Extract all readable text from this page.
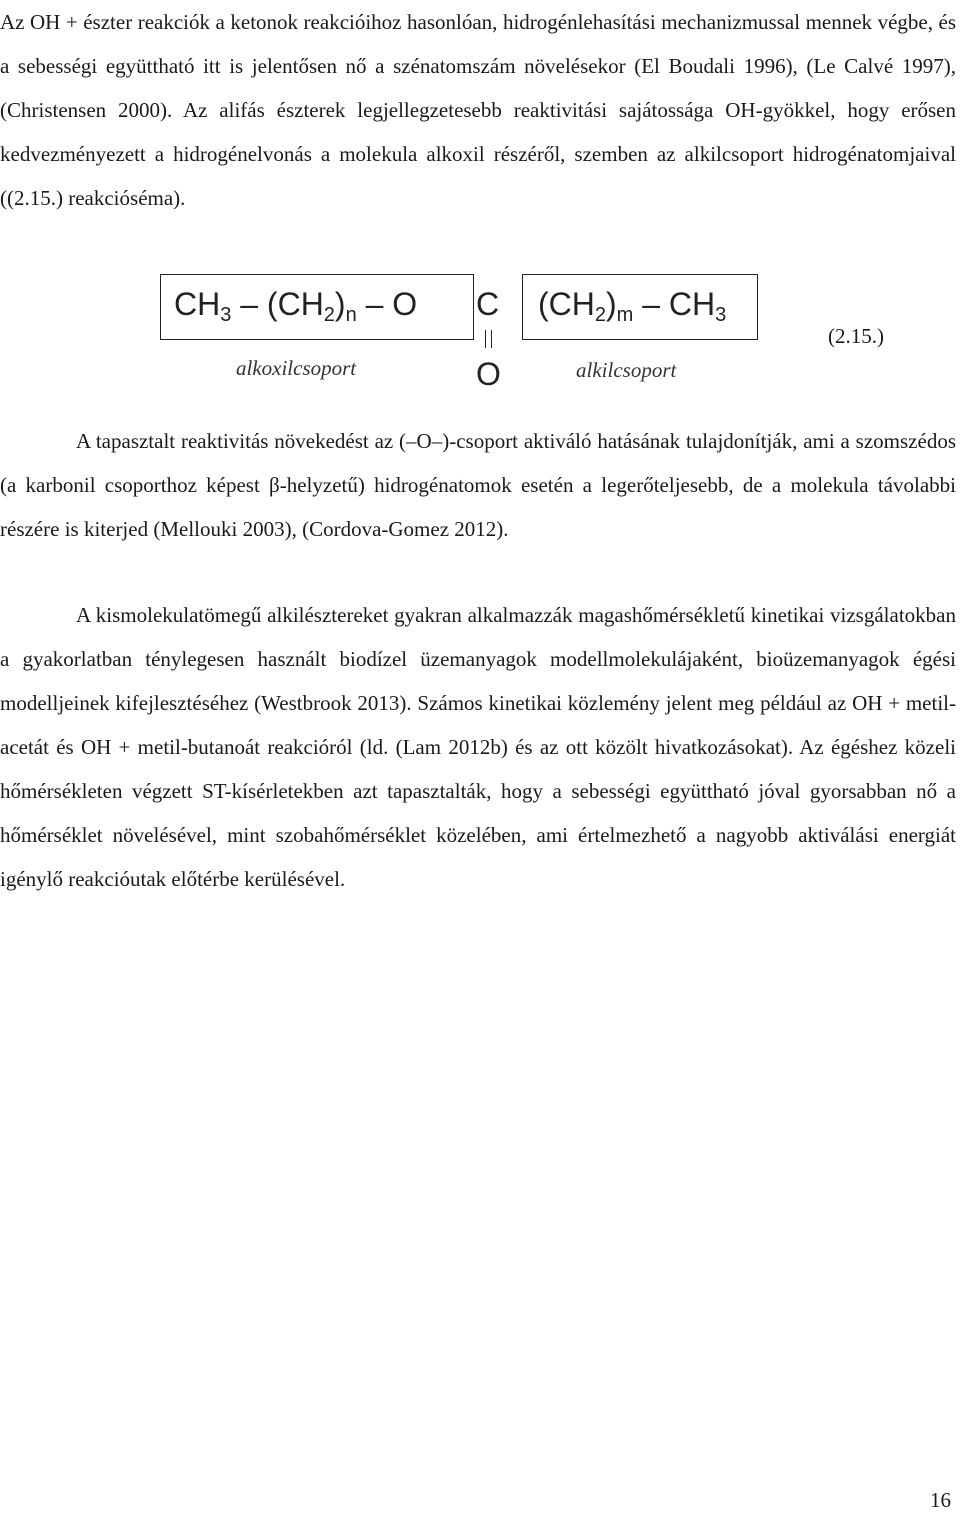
Az OH + észter reakciók a ketonok reakcióihoz hasonlóan, hidrogénlehasítási mechanizmussal mennek végbe, és a sebességi együttható itt is jelentősen nő a szénatomszám növelésekor (El Boudali 1996), (Le Calvé 1997), (Christensen 2000). Az alifás észterek legjellegzetesebb reaktivitási sajátossága OH-gyökkel, hogy erősen kedvezményezett a hidrogénelvonás a molekula alkoxil részéről, szemben az alkilcsoport hidrogénatomjaival ((2.15.) reakcióséma).

$CH_3 - (CH_2)_n$ – O C
O
$(CH_2)_m - CH_3$
alkoxilcsoport	alkilcsoport
(2.15.)

A tapasztalt reaktivitás növekedést az (–O–)-csoport aktiváló hatásának tulajdonítják, ami a szomszédos (a karbonil csoporthoz képest β-helyzetű) hidrogénatomok esetén a legerőteljesebb, de a molekula távolabbi részére is kiterjed (Mellouki 2003), (Cordova-Gomez 2012).

A kismolekulatömegű alkilésztereket gyakran alkalmazzák magashőmérsékletű kinetikai vizsgálatokban a gyakorlatban ténylegesen használt biodízel üzemanyagok modellmolekulájaként, bioüzemanyagok égési modelljeinek kifejlesztéséhez (Westbrook 2013). Számos kinetikai közlemény jelent meg például az OH + metil-acetát és OH + metil-butanoát reakcióról (ld. (Lam 2012b) és az ott közölt hivatkozásokat). Az égéshez közeli hőmérsékleten végzett ST-kísérletekben azt tapasztalták, hogy a sebességi együttható jóval gyorsabban nő a hőmérséklet növelésével, mint szobahőmérséklet közelében, ami értelmezhető a nagyobb aktiválási energiát igénylő reakcióutak előtérbe kerülésével.

16
